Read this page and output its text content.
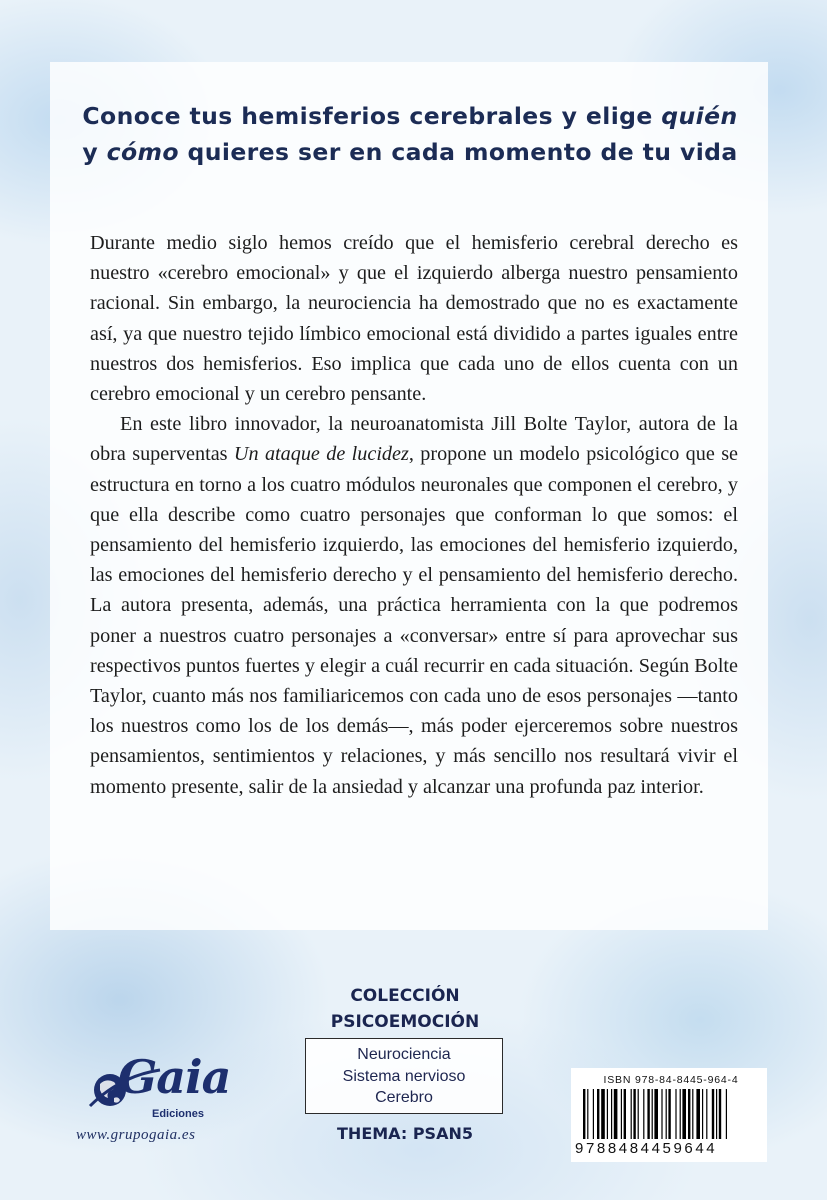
Conoce tus hemisferios cerebrales y elige quién
y cómo quieres ser en cada momento de tu vida

Durante medio siglo hemos creído que el hemisferio cerebral derecho es nuestro «cerebro emocional» y que el izquierdo alberga nuestro pensamiento racional. Sin embargo, la neurociencia ha demostrado que no es exactamente así, ya que nuestro tejido límbico emocional está dividido a partes iguales entre nuestros dos hemisferios. Eso implica que cada uno de ellos cuenta con un cerebro emocional y un cerebro pensante.

En este libro innovador, la neuroanatomista Jill Bolte Taylor, autora de la obra superventas Un ataque de lucidez, propone un modelo psicológico que se estructura en torno a los cuatro módulos neuronales que componen el cerebro, y que ella describe como cuatro personajes que conforman lo que somos: el pensamiento del hemisferio izquierdo, las emociones del hemisferio izquierdo, las emociones del hemisferio derecho y el pensamiento del hemisferio derecho. La autora presenta, además, una práctica herramienta con la que podremos poner a nuestros cuatro personajes a «conversar» entre sí para aprovechar sus respectivos puntos fuertes y elegir a cuál recurrir en cada situación. Según Bolte Taylor, cuanto más nos familiaricemos con cada uno de esos personajes —tanto los nuestros como los de los demás—, más poder ejerceremos sobre nuestros pensamientos, sentimientos y relaciones, y más sencillo nos resultará vivir el momento presente, salir de la ansiedad y alcanzar una profunda paz interior.

COLECCIÓN
PSICOEMOCIÓN
Neurociencia
Sistema nervioso
Cerebro
THEMA: PSAN5
Gaia
Ediciones
www.grupogaia.es
ISBN 978-84-8445-964-4
9788484459644
